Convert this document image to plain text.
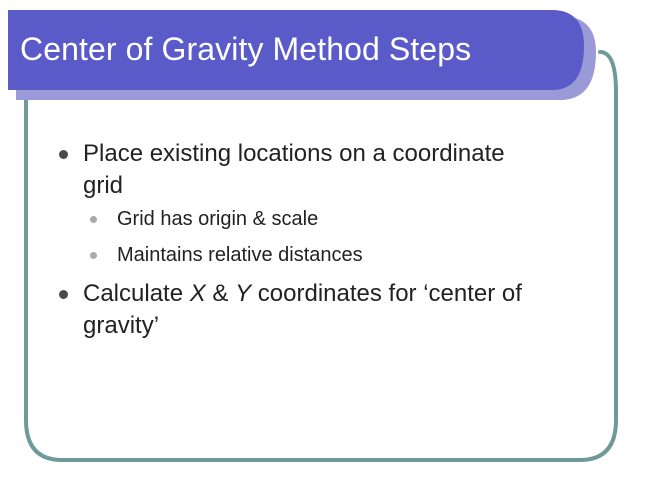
Center of Gravity Method Steps
Place existing locations on a coordinate
grid
Grid has origin & scale
Maintains relative distances
Calculate X & Y coordinates for ‘center of
gravity’
